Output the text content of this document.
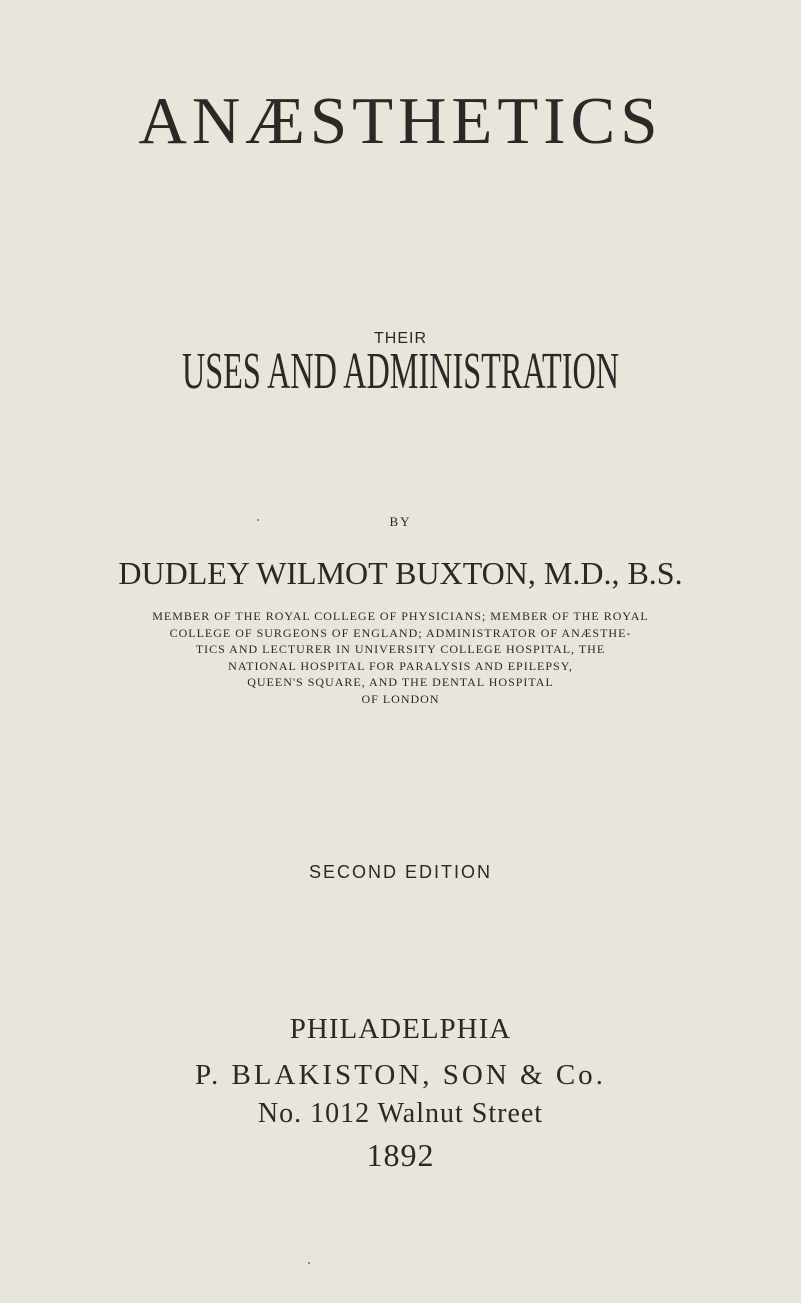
ANÆSTHETICS
THEIR
USES AND ADMINISTRATION
BY
DUDLEY WILMOT BUXTON, M.D., B.S.
MEMBER OF THE ROYAL COLLEGE OF PHYSICIANS; MEMBER OF THE ROYAL
COLLEGE OF SURGEONS OF ENGLAND; ADMINISTRATOR OF ANÆSTHE-
TICS AND LECTURER IN UNIVERSITY COLLEGE HOSPITAL, THE
NATIONAL HOSPITAL FOR PARALYSIS AND EPILEPSY,
QUEEN'S SQUARE, AND THE DENTAL HOSPITAL
OF LONDON
SECOND EDITION
PHILADELPHIA
P. BLAKISTON, SON & Co.
No. 1012 Walnut Street
1892
